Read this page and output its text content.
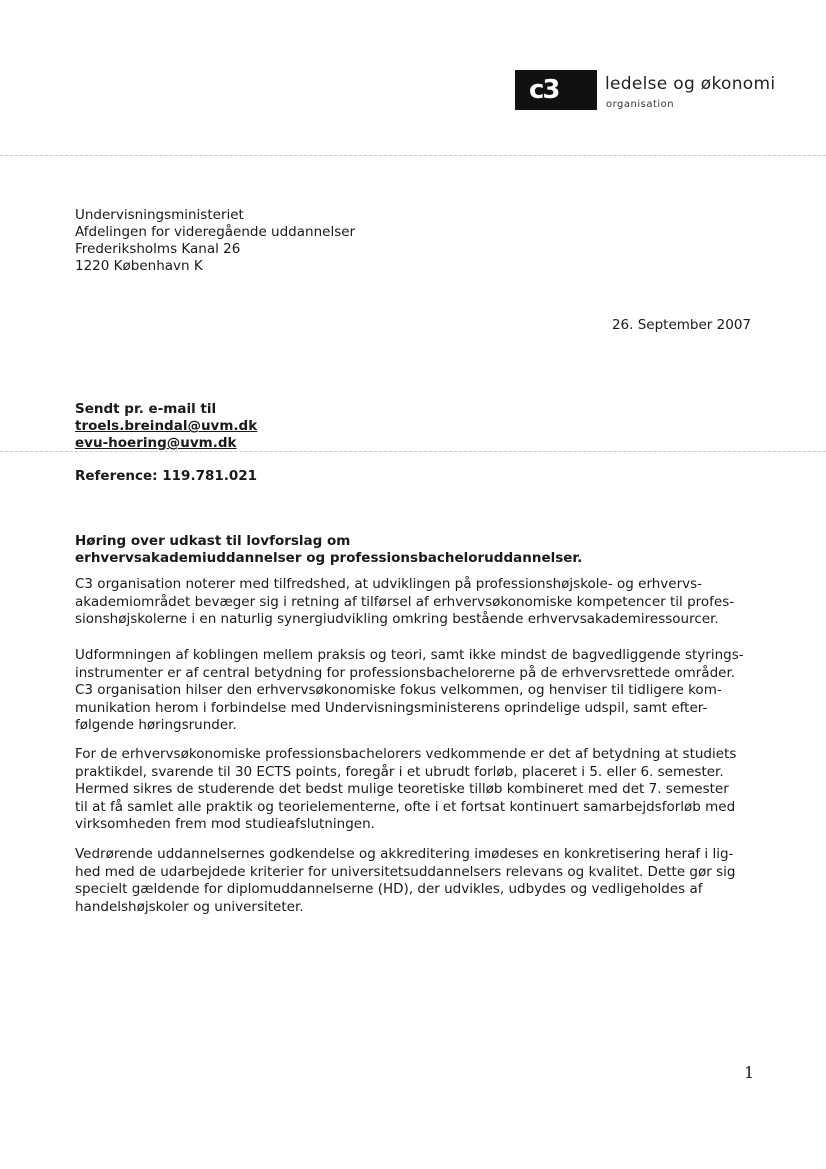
c3	ledelse og økonomi
organisation
Undervisningsministeriet
Afdelingen for videregående uddannelser
Frederiksholms Kanal 26
1220 København K
26. September 2007
Sendt pr. e-mail til
troels.breindal@uvm.dk
evu-hoering@uvm.dk
Reference: 119.781.021
Høring over udkast til lovforslag om
erhvervsakademiuddannelser og professionsbacheloruddannelser.
C3 organisation noterer med tilfredshed, at udviklingen på professionshøjskole- og erhvervs-
akademiområdet bevæger sig i retning af tilførsel af erhvervsøkonomiske kompetencer til profes-
sionshøjskolerne i en naturlig synergiudvikling omkring bestående erhvervsakademiressourcer.
Udformningen af koblingen mellem praksis og teori, samt ikke mindst de bagvedliggende styrings-
instrumenter er af central betydning for professionsbachelorerne på de erhvervsrettede områder.
C3 organisation hilser den erhvervsøkonomiske fokus velkommen, og henviser til tidligere kom-
munikation herom i forbindelse med Undervisningsministerens oprindelige udspil, samt efter-
følgende høringsrunder.
For de erhvervsøkonomiske professionsbachelorers vedkommende er det af betydning at studiets
praktikdel, svarende til 30 ECTS points, foregår i et ubrudt forløb, placeret i 5. eller 6. semester.
Hermed sikres de studerende det bedst mulige teoretiske tilløb kombineret med det 7. semester
til at få samlet alle praktik og teorielementerne, ofte i et fortsat kontinuert samarbejdsforløb med
virksomheden frem mod studieafslutningen.
Vedrørende uddannelsernes godkendelse og akkreditering imødeses en konkretisering heraf i lig-
hed med de udarbejdede kriterier for universitetsuddannelsers relevans og kvalitet. Dette gør sig
specielt gældende for diplomuddannelserne (HD), der udvikles, udbydes og vedligeholdes af
handelshøjskoler og universiteter.
1
